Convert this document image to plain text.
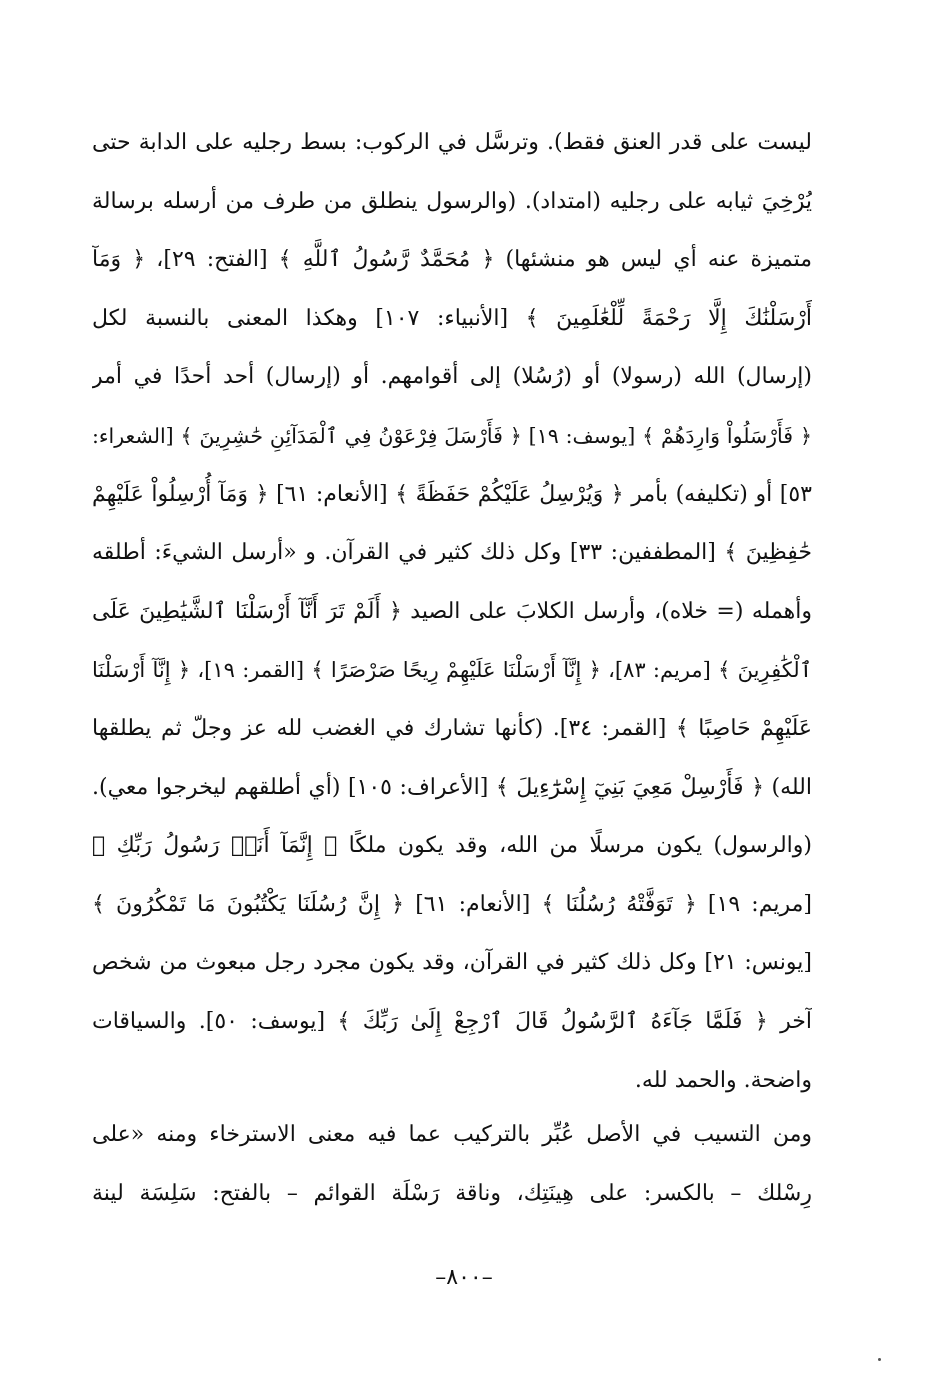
ليست على قدر العنق فقط). وترسَّل في الركوب: بسط رجليه على الدابة حتى
يُرْخِيَ ثيابه على رجليه (امتداد). (والرسول ينطلق من طرف من أرسله برسالة
متميزة عنه أي ليس هو منشئها) ﴿ مُحَمَّدٌ رَّسُولُ ٱللَّهِ ﴾ [الفتح: ٢٩]، ﴿ وَمَآ
أَرْسَلْنَٰكَ إِلَّا رَحْمَةً لِّلْعَٰلَمِينَ ﴾ [الأنبياء: ١٠٧] وهكذا المعنى بالنسبة لكل
(إرسال) الله (رسولا) أو (رُسُلا) إلى أقوامهم. أو (إرسال) أحد أحدًا في أمر
﴿ فَأَرْسَلُواْ وَارِدَهُمْ ﴾ [يوسف: ١٩] ﴿ فَأَرْسَلَ فِرْعَوْنُ فِي ٱلْمَدَآئِنِ حَٰشِرِينَ ﴾ [الشعراء:
٥٣] أو (تكليفه) بأمر ﴿ وَيُرْسِلُ عَلَيْكُمْ حَفَظَةً ﴾ [الأنعام: ٦١] ﴿ وَمَآ أُرْسِلُواْ عَلَيْهِمْ
حَٰفِظِينَ ﴾ [المطففين: ٣٣] وكل ذلك كثير في القرآن. و «أرسل الشيءَ: أطلقه
وأهمله (= خلاه)، وأرسل الكلابَ على الصيد ﴿ أَلَمْ تَرَ أَنَّآ أَرْسَلْنَا ٱلشَّيَٰطِينَ عَلَى
ٱلْكَٰفِرِينَ ﴾ [مريم: ٨٣]، ﴿ إِنَّآ أَرْسَلْنَا عَلَيْهِمْ رِيحًا صَرْصَرًا ﴾ [القمر: ١٩]، ﴿ إِنَّآ أَرْسَلْنَا
عَلَيْهِمْ حَاصِبًا ﴾ [القمر: ٣٤]. (كأنها تشارك في الغضب لله عز وجلّ ثم يطلقها
الله) ﴿ فَأَرْسِلْ مَعِيَ بَنِيٓ إِسْرَٰٓءِيلَ ﴾ [الأعراف: ١٠٥] (أي أطلقهم ليخرجوا معي).
(والرسول) يكون مرسلًا من الله، وقد يكون ملكًا ﴿ إِنَّمَآ أَنَا۠ رَسُولُ رَبِّكِ ﴾
[مريم: ١٩] ﴿ تَوَفَّتْهُ رُسُلُنَا ﴾ [الأنعام: ٦١] ﴿ إِنَّ رُسُلَنَا يَكْتُبُونَ مَا تَمْكُرُونَ ﴾
[يونس: ٢١] وكل ذلك كثير في القرآن، وقد يكون مجرد رجل مبعوث من شخص
آخر ﴿ فَلَمَّا جَآءَهُ ٱلرَّسُولُ قَالَ ٱرْجِعْ إِلَىٰ رَبِّكَ ﴾ [يوسف: ٥٠]. والسياقات
واضحة. والحمد لله.
ومن التسيب في الأصل عُبِّر بالتركيب عما فيه معنى الاسترخاء ومنه «على
رِسْلك – بالكسر: على هِينَتِك، وناقة رَسْلَة القوائم – بالفتح: سَلِسَة لينة
–٨٠٠–
